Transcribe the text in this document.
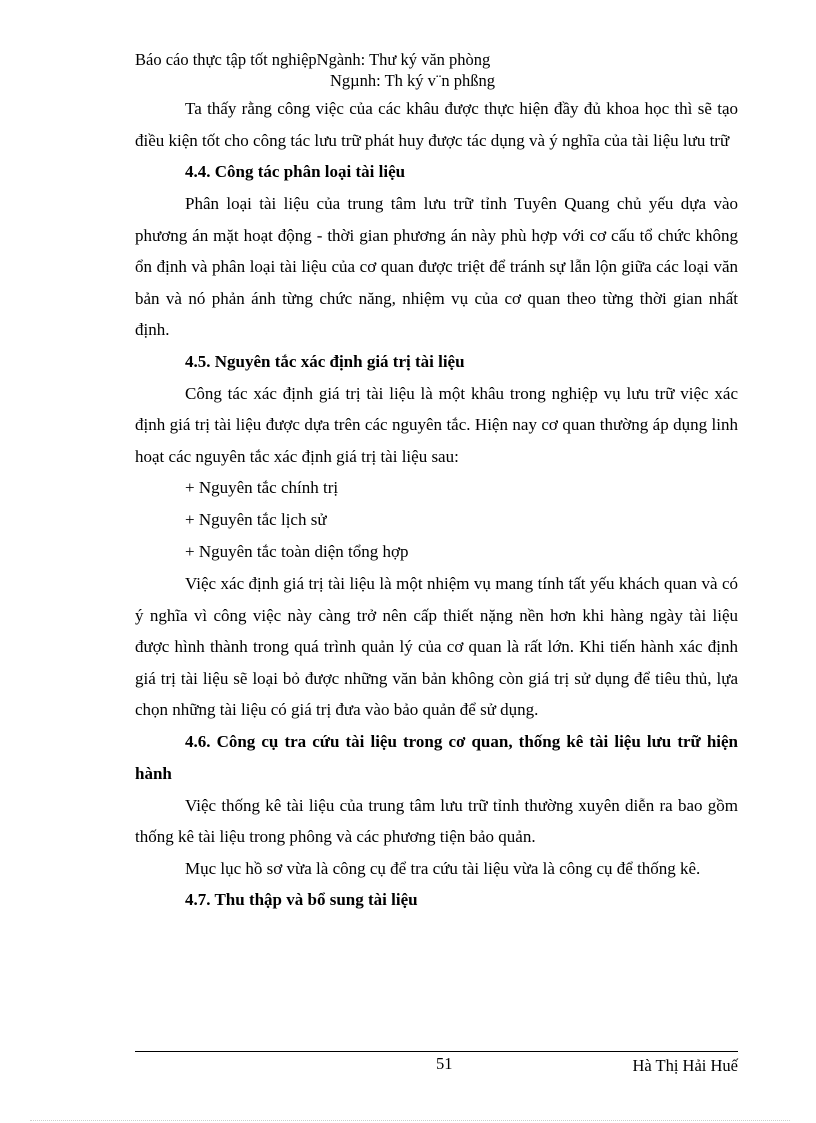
Báo cáo thực tập tốt nghiệpNgành: Thư ký văn phòng
Ngµnh: Th ký v¨n phßng

Ta thấy rằng công việc của các khâu được thực hiện đầy đủ khoa học thì sẽ tạo điều kiện tốt cho công tác lưu trữ phát huy được tác dụng và ý nghĩa của tài liệu lưu trữ

4.4. Công tác phân loại tài liệu

Phân loại tài liệu của trung tâm lưu trữ tỉnh Tuyên Quang chủ yếu dựa vào phương án mặt hoạt động - thời gian phương án này phù hợp với cơ cấu tổ chức không ổn định và phân loại tài liệu của cơ quan được triệt để tránh sự lẫn lộn giữa các loại văn bản và nó phản ánh từng chức năng, nhiệm vụ của cơ quan theo từng thời gian nhất định.

4.5. Nguyên tắc xác định giá trị tài liệu

Công tác xác định giá trị tài liệu là một khâu trong nghiệp vụ lưu trữ việc xác định giá trị tài liệu được dựa trên các nguyên tắc. Hiện nay cơ quan thường áp dụng linh hoạt các nguyên tắc xác định giá trị tài liệu sau:

+ Nguyên tắc chính trị

+ Nguyên tắc lịch sử

+ Nguyên tắc toàn diện tổng hợp

Việc xác định giá trị tài liệu là một nhiệm vụ mang tính tất yếu khách quan và có ý nghĩa vì công việc này càng trở nên cấp thiết nặng nền hơn khi hàng ngày tài liệu được hình thành trong quá trình quản lý của cơ quan là rất lớn. Khi tiến hành xác định giá trị tài liệu sẽ loại bỏ được những văn bản không còn giá trị sử dụng để tiêu thủ, lựa chọn những tài liệu có giá trị đưa vào bảo quản để sử dụng.

4.6. Công cụ tra cứu tài liệu trong cơ quan, thống kê tài liệu lưu trữ hiện hành

Việc thống kê tài liệu của trung tâm lưu trữ tỉnh thường xuyên diễn ra bao gồm thống kê tài liệu trong phông và các phương tiện bảo quản.

Mục lục hồ sơ vừa là công cụ để tra cứu tài liệu vừa là công cụ để thống kê.

4.7. Thu thập và bổ sung tài liệu

51	Hà Thị Hải Huế
